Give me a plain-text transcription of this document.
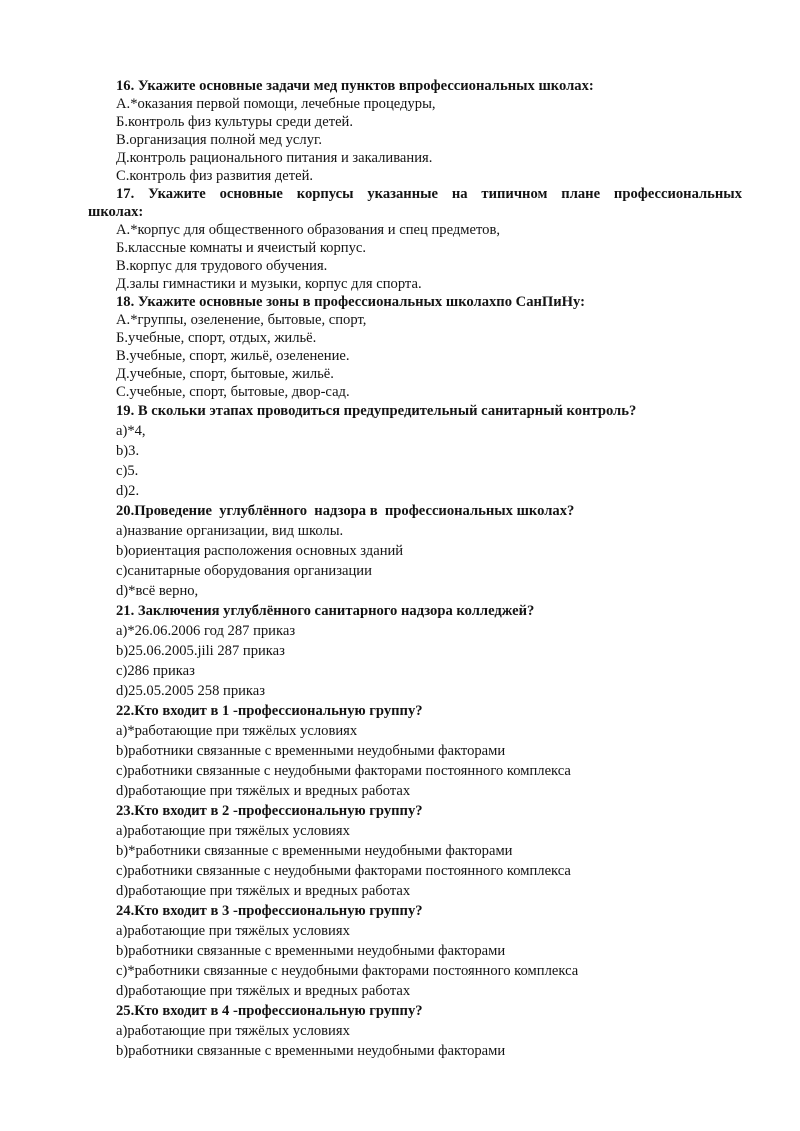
16. Укажите основные задачи мед пунктов впрофессиональных школах:
А.*оказания первой помощи, лечебные процедуры,
Б.контроль физ культуры среди детей.
В.организация полной мед услуг.
Д.контроль рационального питания и закаливания.
С.контроль физ развития детей.
17. Укажите основные корпусы указанные на типичном плане профессиональных
школах:
А.*корпус для общественного образования и спец предметов,
Б.классные комнаты и ячеистый корпус.
В.корпус для трудового обучения.
Д.залы гимнастики и музыки, корпус для спорта.
18. Укажите основные зоны в профессиональных школахпо СанПиНу:
А.*группы, озеленение, бытовые, спорт,
Б.учебные, спорт, отдых, жильё.
В.учебные, спорт, жильё, озеленение.
Д.учебные, спорт, бытовые, жильё.
С.учебные, спорт, бытовые, двор-сад.
19. В скольки этапах проводиться предупредительный санитарный контроль?
a)*4,
b)3.
c)5.
d)2.
20.Проведение  углублённого  надзора в  профессиональных школах?
a)название организации, вид школы.
b)ориентация расположения основных зданий
c)санитарные оборудования организации
d)*всё верно,
21. Заключения углублённого санитарного надзора колледжей?
a)*26.06.2006 год 287 приказ
b)25.06.2005.jili 287 приказ
c)286 приказ
d)25.05.2005 258 приказ
22.Кто входит в 1 -профессиональную группу?
a)*работающие при тяжёлых условиях
b)работники связанные с временными неудобными факторами
c)работники связанные с неудобными факторами постоянного комплекса
d)работающие при тяжёлых и вредных работах
23.Кто входит в 2 -профессиональную группу?
a)работающие при тяжёлых условиях
b)*работники связанные с временными неудобными факторами
c)работники связанные с неудобными факторами постоянного комплекса
d)работающие при тяжёлых и вредных работах
24.Кто входит в 3 -профессиональную группу?
a)работающие при тяжёлых условиях
b)работники связанные с временными неудобными факторами
c)*работники связанные с неудобными факторами постоянного комплекса
d)работающие при тяжёлых и вредных работах
25.Кто входит в 4 -профессиональную группу?
a)работающие при тяжёлых условиях
b)работники связанные с временными неудобными факторами
